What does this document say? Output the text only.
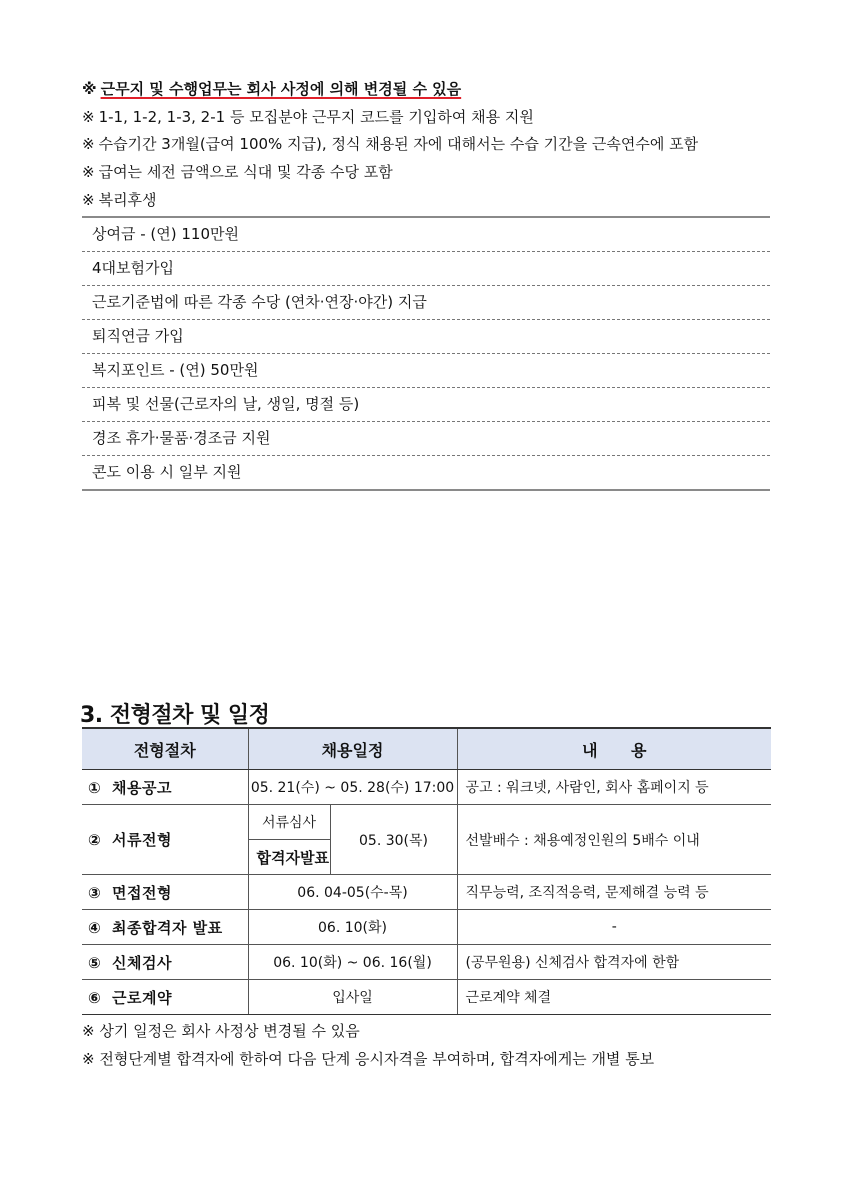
※ 근무지 및 수행업무는 회사 사정에 의해 변경될 수 있음
※ 1-1, 1-2, 1-3, 2-1 등 모집분야 근무지 코드를 기입하여 채용 지원
※ 수습기간 3개월(급여 100% 지급), 정식 채용된 자에 대해서는 수습 기간을 근속연수에 포함
※ 급여는 세전 금액으로 식대 및 각종 수당 포함
※ 복리후생
상여금 - (연) 110만원
4대보험가입
근로기준법에 따른 각종 수당 (연차·연장·야간) 지급
퇴직연금 가입
복지포인트 - (연) 50만원
피복 및 선물(근로자의 날, 생일, 명절 등)
경조 휴가·물품·경조금 지원
콘도 이용 시 일부 지원
3. 전형절차 및 일정
전형절차	채용일정		내      용
① 채용공고	05. 21(수) ~ 05. 28(수) 17:00		공고 : 워크넷, 사람인, 회사 홈페이지 등
② 서류전형	서류심사	05. 30(목)	선발배수 : 채용예정인원의 5배수 이내
	합격자발표		
③ 면접전형	06. 04-05(수-목)		직무능력, 조직적응력, 문제해결 능력 등
④ 최종합격자 발표	06. 10(화)		-
⑤ 신체검사	06. 10(화) ~ 06. 16(월)		(공무원용) 신체검사 합격자에 한함
⑥ 근로계약	입사일		근로계약 체결
※ 상기 일정은 회사 사정상 변경될 수 있음
※ 전형단계별 합격자에 한하여 다음 단계 응시자격을 부여하며, 합격자에게는 개별 통보
